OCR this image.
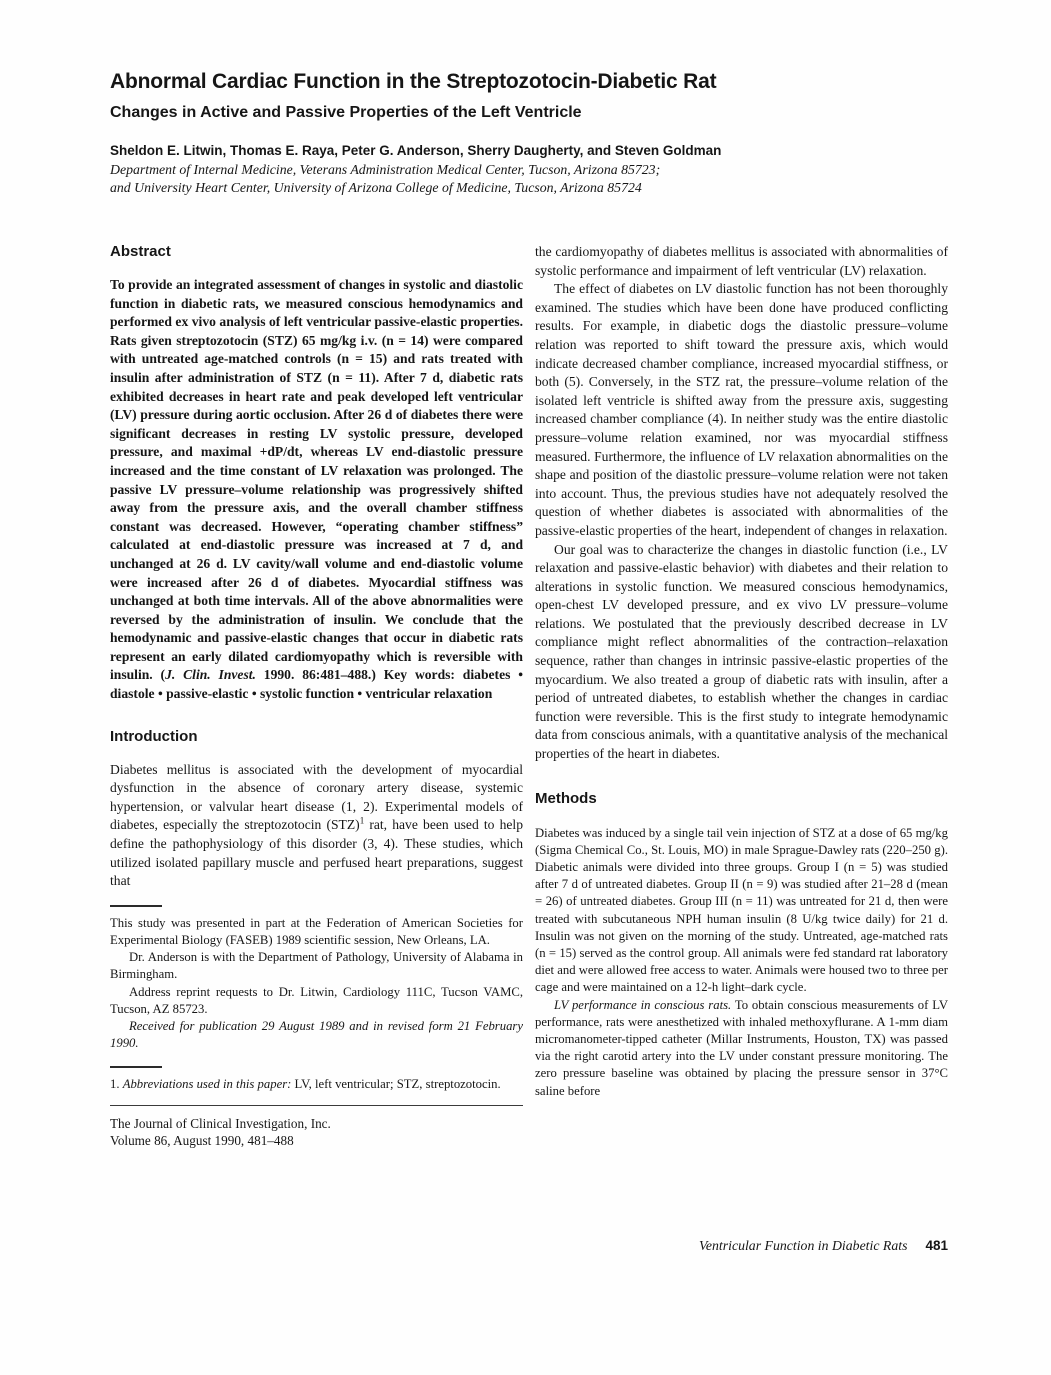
Abnormal Cardiac Function in the Streptozotocin-Diabetic Rat
Changes in Active and Passive Properties of the Left Ventricle

Sheldon E. Litwin, Thomas E. Raya, Peter G. Anderson, Sherry Daugherty, and Steven Goldman

Department of Internal Medicine, Veterans Administration Medical Center, Tucson, Arizona 85723;

and University Heart Center, University of Arizona College of Medicine, Tucson, Arizona 85724

Abstract

To provide an integrated assessment of changes in systolic and diastolic function in diabetic rats, we measured conscious hemodynamics and performed ex vivo analysis of left ventricular passive-elastic properties. Rats given streptozotocin (STZ) 65 mg/kg i.v. (n = 14) were compared with untreated age-matched controls (n = 15) and rats treated with insulin after administration of STZ (n = 11). After 7 d, diabetic rats exhibited decreases in heart rate and peak developed left ventricular (LV) pressure during aortic occlusion. After 26 d of diabetes there were significant decreases in resting LV systolic pressure, developed pressure, and maximal +dP/dt, whereas LV end-diastolic pressure increased and the time constant of LV relaxation was prolonged. The passive LV pressure–volume relationship was progressively shifted away from the pressure axis, and the overall chamber stiffness constant was decreased. However, “operating chamber stiffness” calculated at end-diastolic pressure was increased at 7 d, and unchanged at 26 d. LV cavity/wall volume and end-diastolic volume were increased after 26 d of diabetes. Myocardial stiffness was unchanged at both time intervals. All of the above abnormalities were reversed by the administration of insulin. We conclude that the hemodynamic and passive-elastic changes that occur in diabetic rats represent an early dilated cardiomyopathy which is reversible with insulin. (J. Clin. Invest. 1990. 86:481–488.) Key words: diabetes • diastole • passive-elastic • systolic function • ventricular relaxation

Introduction

Diabetes mellitus is associated with the development of myocardial dysfunction in the absence of coronary artery disease, systemic hypertension, or valvular heart disease (1, 2). Experimental models of diabetes, especially the streptozotocin (STZ)$^1$ rat, have been used to help define the pathophysiology of this disorder (3, 4). These studies, which utilized isolated papillary muscle and perfused heart preparations, suggest that

This study was presented in part at the Federation of American Societies for Experimental Biology (FASEB) 1989 scientific session, New Orleans, LA.

Dr. Anderson is with the Department of Pathology, University of Alabama in Birmingham.

Address reprint requests to Dr. Litwin, Cardiology 111C, Tucson VAMC, Tucson, AZ 85723.

Received for publication 29 August 1989 and in revised form 21 February 1990.

1. Abbreviations used in this paper: LV, left ventricular; STZ, streptozotocin.

The Journal of Clinical Investigation, Inc.

Volume 86, August 1990, 481–488

the cardiomyopathy of diabetes mellitus is associated with abnormalities of systolic performance and impairment of left ventricular (LV) relaxation.

The effect of diabetes on LV diastolic function has not been thoroughly examined. The studies which have been done have produced conflicting results. For example, in diabetic dogs the diastolic pressure–volume relation was reported to shift toward the pressure axis, which would indicate decreased chamber compliance, increased myocardial stiffness, or both (5). Conversely, in the STZ rat, the pressure–volume relation of the isolated left ventricle is shifted away from the pressure axis, suggesting increased chamber compliance (4). In neither study was the entire diastolic pressure–volume relation examined, nor was myocardial stiffness measured. Furthermore, the influence of LV relaxation abnormalities on the shape and position of the diastolic pressure–volume relation were not taken into account. Thus, the previous studies have not adequately resolved the question of whether diabetes is associated with abnormalities of the passive-elastic properties of the heart, independent of changes in relaxation.

Our goal was to characterize the changes in diastolic function (i.e., LV relaxation and passive-elastic behavior) with diabetes and their relation to alterations in systolic function. We measured conscious hemodynamics, open-chest LV developed pressure, and ex vivo LV pressure–volume relations. We postulated that the previously described decrease in LV compliance might reflect abnormalities of the contraction–relaxation sequence, rather than changes in intrinsic passive-elastic properties of the myocardium. We also treated a group of diabetic rats with insulin, after a period of untreated diabetes, to establish whether the changes in cardiac function were reversible. This is the first study to integrate hemodynamic data from conscious animals, with a quantitative analysis of the mechanical properties of the heart in diabetes.

Methods

Diabetes was induced by a single tail vein injection of STZ at a dose of 65 mg/kg (Sigma Chemical Co., St. Louis, MO) in male Sprague-Dawley rats (220–250 g). Diabetic animals were divided into three groups. Group I (n = 5) was studied after 7 d of untreated diabetes. Group II (n = 9) was studied after 21–28 d (mean = 26) of untreated diabetes. Group III (n = 11) was untreated for 21 d, then were treated with subcutaneous NPH human insulin (8 U/kg twice daily) for 21 d. Insulin was not given on the morning of the study. Untreated, age-matched rats (n = 15) served as the control group. All animals were fed standard rat laboratory diet and were allowed free access to water. Animals were housed two to three per cage and were maintained on a 12-h light–dark cycle.

LV performance in conscious rats. To obtain conscious measurements of LV performance, rats were anesthetized with inhaled methoxyflurane. A 1-mm diam micromanometer-tipped catheter (Millar Instruments, Houston, TX) was passed via the right carotid artery into the LV under constant pressure monitoring. The zero pressure baseline was obtained by placing the pressure sensor in 37°C saline before

Ventricular Function in Diabetic Rats 481
